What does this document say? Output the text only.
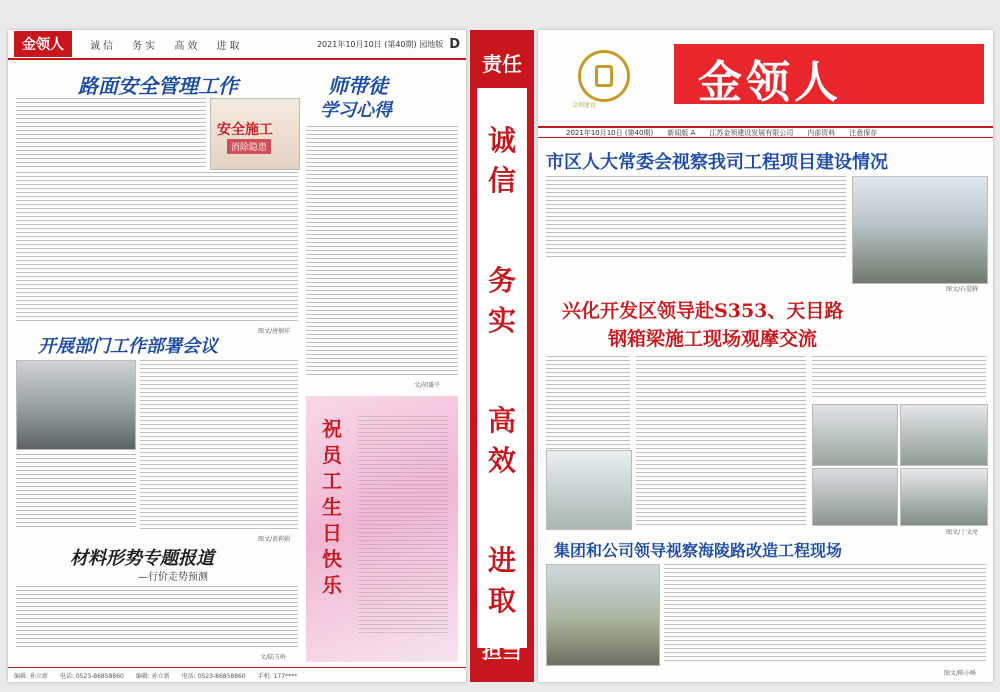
金领人	诚信 务实 高效 进取	2021年10月10日 (第40期) 园地版 D
路面安全管理工作
安全施工
消除隐患
图文/唐炯祥
师带徒
学习心得
文/胡谦平
开展部门工作部署会议
图文/黄莉娟
祝员工生日快乐
材料形势专题报道
—行价走势预测
文/陆玉岭
编辑: 孙立新 电话: 0523-86858860 编辑: 孙立新 电话: 0523-86858860 手机: 177****
责任
诚
信
务
实
高
效
进
取
担当
金领建设 金领人
2021年10月10日 (第40期) 新闻版 A 江苏金领建设发展有限公司 内部资料 注意保存
市区人大常委会视察我司工程项目建设情况
图文/石爱腾
兴化开发区领导赴S353、天目路
钢箱梁施工现场观摩交流
图文/丁文亮
集团和公司领导视察海陵路改造工程现场
图文/陈小峰
